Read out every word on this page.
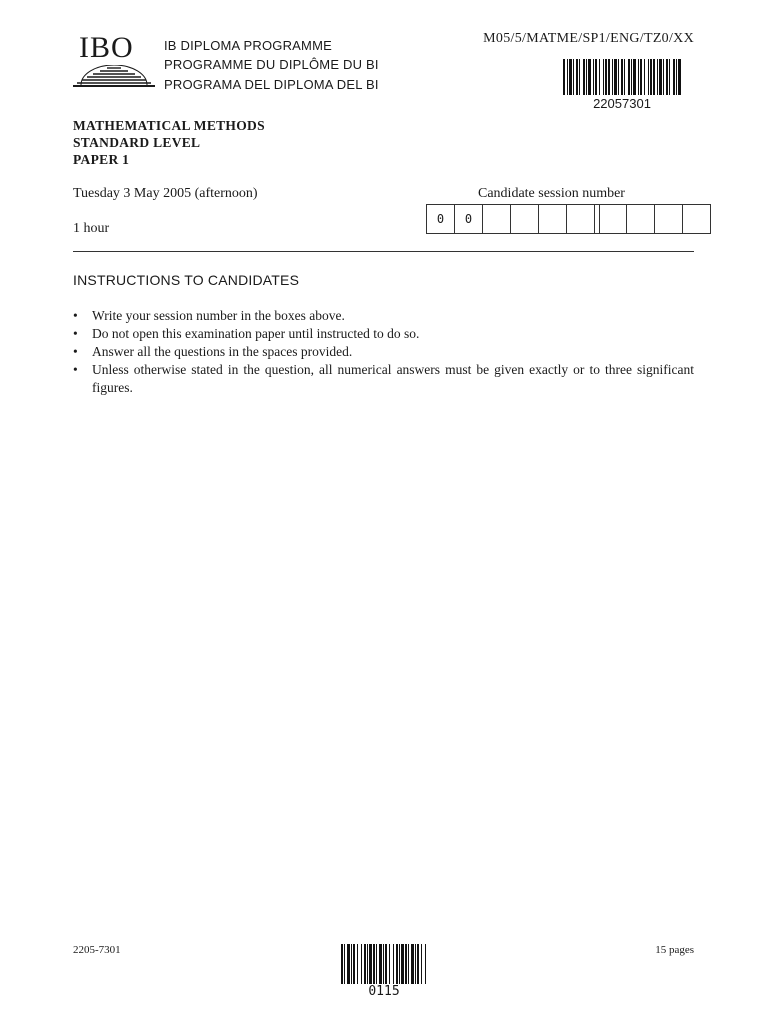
IBO IB DIPLOMA PROGRAMME
PROGRAMME DU DIPLÔME DU BI
PROGRAMA DEL DIPLOMA DEL BI
M05/5/MATME/SP1/ENG/TZ0/XX
22057301
MATHEMATICAL METHODS
STANDARD LEVEL
PAPER 1
Tuesday 3 May 2005 (afternoon)
1 hour
Candidate session number
0	0
INSTRUCTIONS TO CANDIDATES
• Write your session number in the boxes above.
• Do not open this examination paper until instructed to do so.
• Answer all the questions in the spaces provided.
• Unless otherwise stated in the question, all numerical answers must be given exactly or to three significant figures.
2205-7301
0115
15 pages
